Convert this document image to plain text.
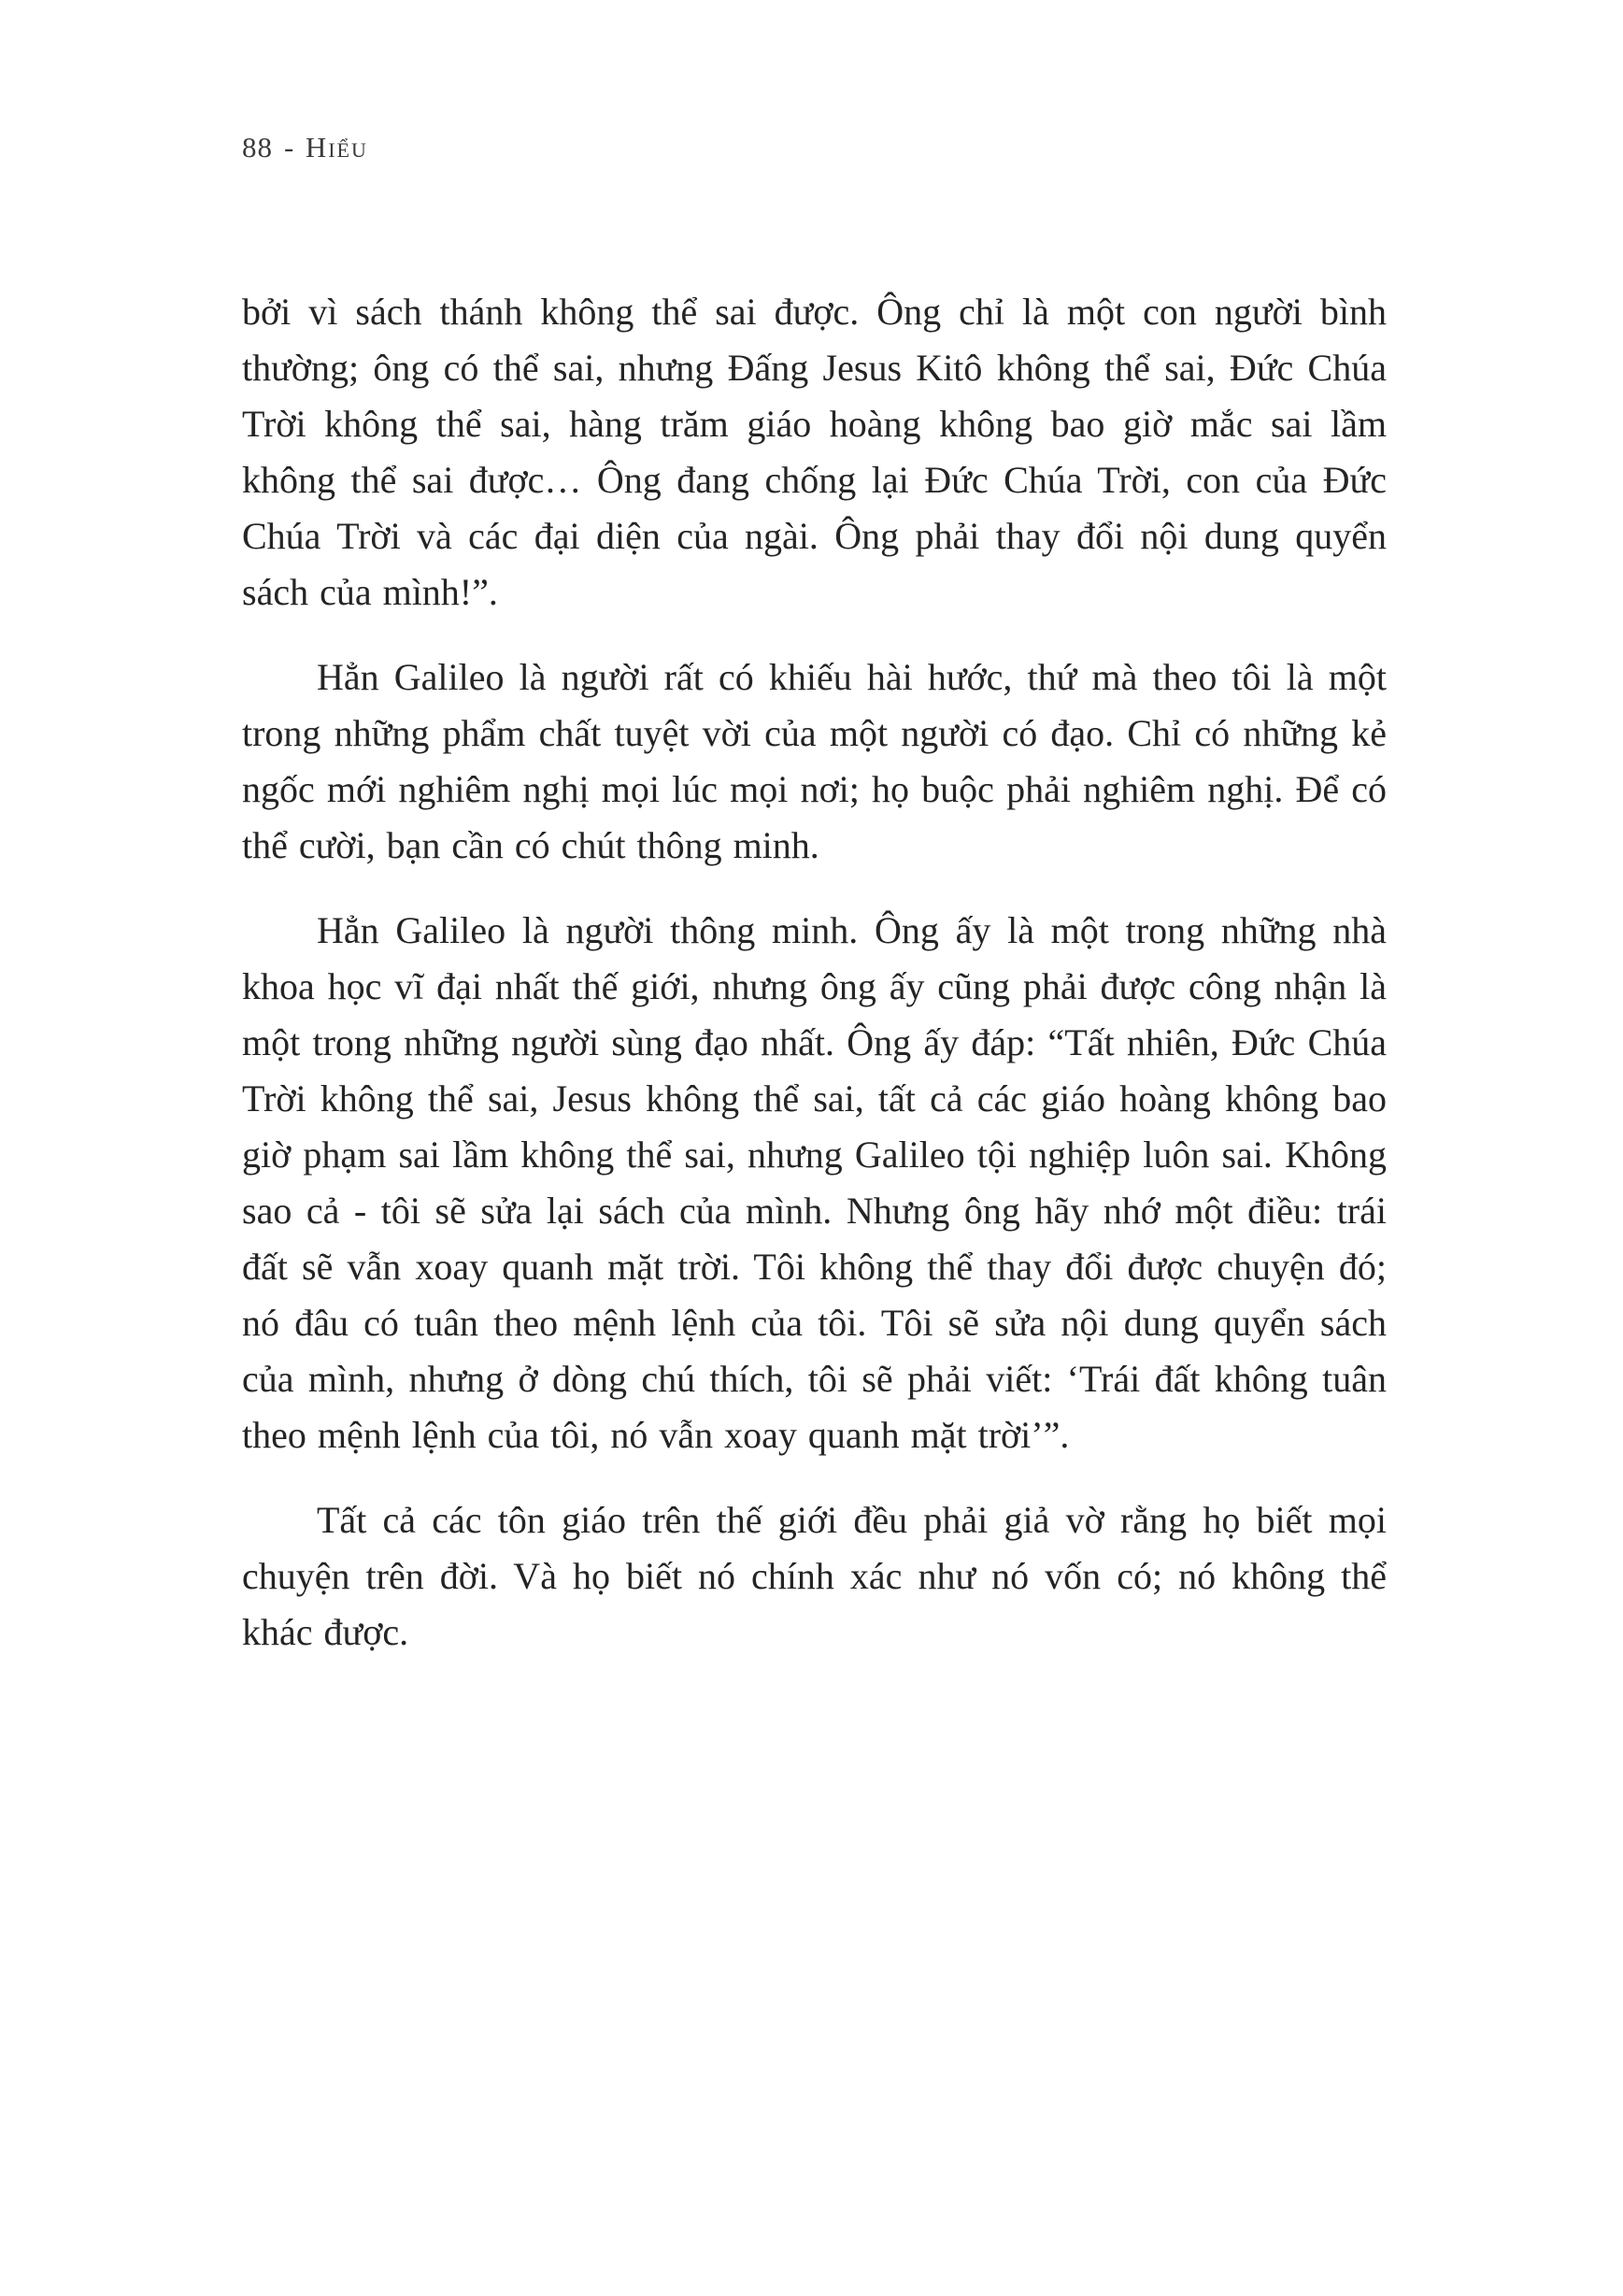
88 - Hiểu

bởi vì sách thánh không thể sai được. Ông chỉ là một con người bình thường; ông có thể sai, nhưng Đấng Jesus Kitô không thể sai, Đức Chúa Trời không thể sai, hàng trăm giáo hoàng không bao giờ mắc sai lầm không thể sai được… Ông đang chống lại Đức Chúa Trời, con của Đức Chúa Trời và các đại diện của ngài. Ông phải thay đổi nội dung quyển sách của mình!”.

Hẳn Galileo là người rất có khiếu hài hước, thứ mà theo tôi là một trong những phẩm chất tuyệt vời của một người có đạo. Chỉ có những kẻ ngốc mới nghiêm nghị mọi lúc mọi nơi; họ buộc phải nghiêm nghị. Để có thể cười, bạn cần có chút thông minh.

Hẳn Galileo là người thông minh. Ông ấy là một trong những nhà khoa học vĩ đại nhất thế giới, nhưng ông ấy cũng phải được công nhận là một trong những người sùng đạo nhất. Ông ấy đáp: “Tất nhiên, Đức Chúa Trời không thể sai, Jesus không thể sai, tất cả các giáo hoàng không bao giờ phạm sai lầm không thể sai, nhưng Galileo tội nghiệp luôn sai. Không sao cả - tôi sẽ sửa lại sách của mình. Nhưng ông hãy nhớ một điều: trái đất sẽ vẫn xoay quanh mặt trời. Tôi không thể thay đổi được chuyện đó; nó đâu có tuân theo mệnh lệnh của tôi. Tôi sẽ sửa nội dung quyển sách của mình, nhưng ở dòng chú thích, tôi sẽ phải viết: ‘Trái đất không tuân theo mệnh lệnh của tôi, nó vẫn xoay quanh mặt trời’”.

Tất cả các tôn giáo trên thế giới đều phải giả vờ rằng họ biết mọi chuyện trên đời. Và họ biết nó chính xác như nó vốn có; nó không thể khác được.
